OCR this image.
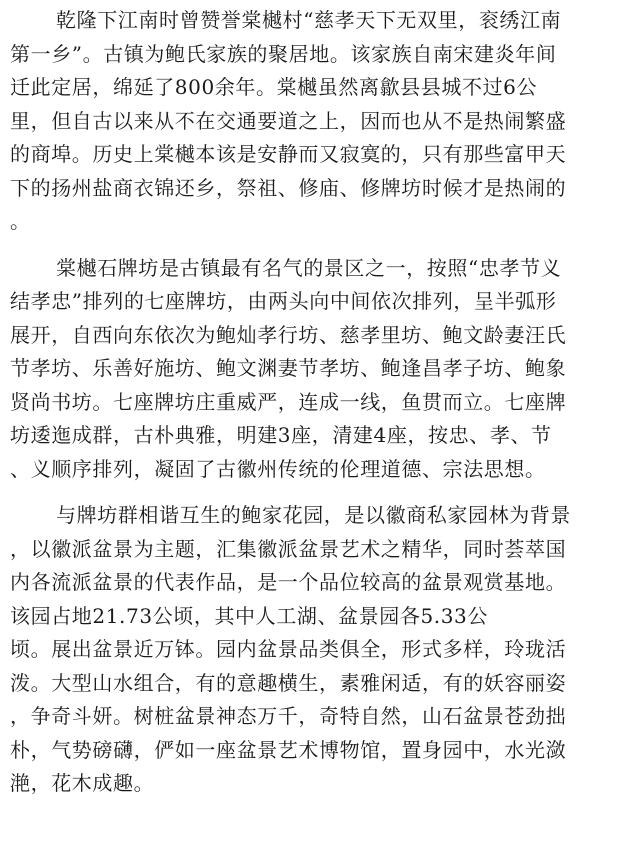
乾隆下江南时曾赞誉棠樾村“慈孝天下无双里，衮绣江南
第一乡”。古镇为鲍氏家族的聚居地。该家族自南宋建炎年间
迁此定居，绵延了800余年。棠樾虽然离歙县县城不过6公
里，但自古以来从不在交通要道之上，因而也从不是热闹繁盛
的商埠。历史上棠樾本该是安静而又寂寞的，只有那些富甲天
下的扬州盐商衣锦还乡，祭祖、修庙、修牌坊时候才是热闹的
。
棠樾石牌坊是古镇最有名气的景区之一，按照“忠孝节义
结孝忠”排列的七座牌坊，由两头向中间依次排列，呈半弧形
展开，自西向东依次为鲍灿孝行坊、慈孝里坊、鲍文龄妻汪氏
节孝坊、乐善好施坊、鲍文渊妻节孝坊、鲍逢昌孝子坊、鲍象
贤尚书坊。七座牌坊庄重威严，连成一线，鱼贯而立。七座牌
坊逶迤成群，古朴典雅，明建3座，清建4座，按忠、孝、节
、义顺序排列，凝固了古徽州传统的伦理道德、宗法思想。
与牌坊群相谐互生的鲍家花园，是以徽商私家园林为背景
，以徽派盆景为主题，汇集徽派盆景艺术之精华，同时荟萃国
内各流派盆景的代表作品，是一个品位较高的盆景观赏基地。
该园占地21.73公顷，其中人工湖、盆景园各5.33公
顷。展出盆景近万钵。园内盆景品类俱全，形式多样，玲珑活
泼。大型山水组合，有的意趣横生，素雅闲适，有的妖容丽姿
，争奇斗妍。树桩盆景神态万千，奇特自然，山石盆景苍劲拙
朴，气势磅礴，俨如一座盆景艺术博物馆，置身园中，水光潋
滟，花木成趣。
